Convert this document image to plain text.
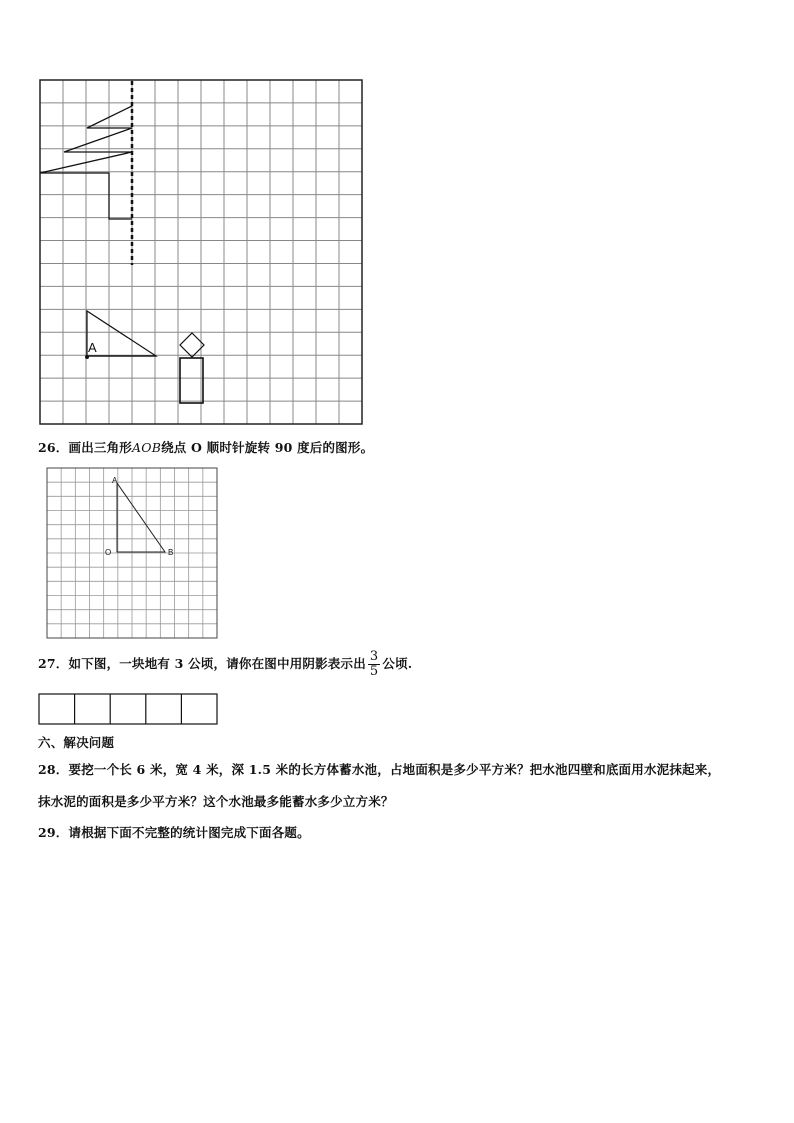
A
26．画出三角形AOB绕点 O 顺时针旋转 90 度后的图形。
A
O	B
27．如下图，一块地有 3 公顷，请你在图中用阴影表示出 $\frac{3}{5}$ 公顷.
六、解决问题
28．要挖一个长 6 米，宽 4 米，深 1.5 米的长方体蓄水池，占地面积是多少平方米？把水池四壁和底面用水泥抹起来，
抹水泥的面积是多少平方米？这个水池最多能蓄水多少立方米？
29．请根据下面不完整的统计图完成下面各题。
